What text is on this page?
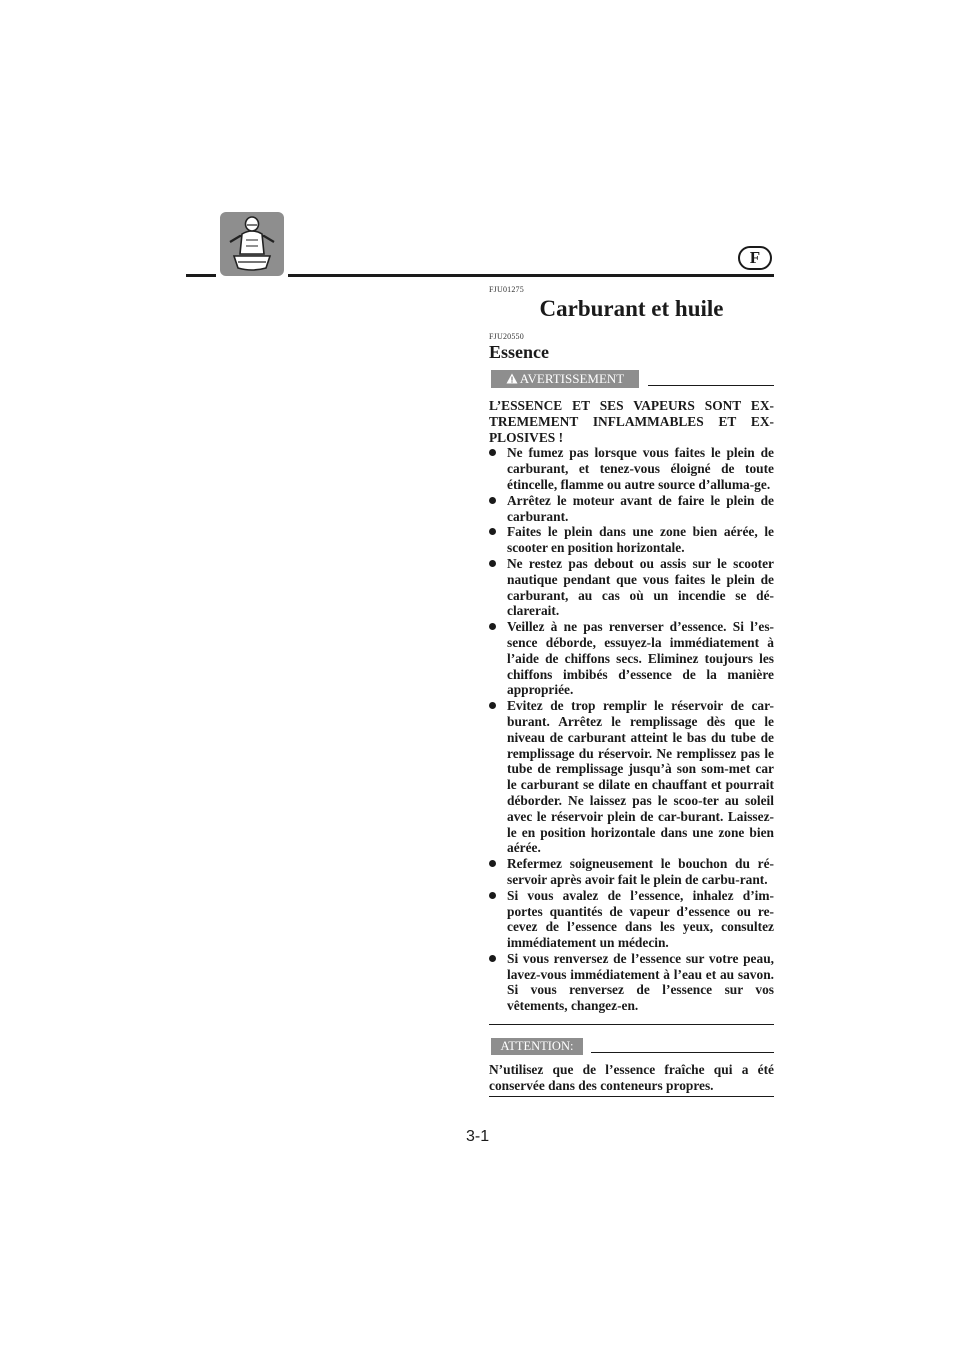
F
FJU01275
Carburant et huile
FJU20550
Essence
AVERTISSEMENT

L’ESSENCE ET SES VAPEURS SONT EX-TREMEMENT INFLAMMABLES ET EX-PLOSIVES !

Ne fumez pas lorsque vous faites le plein de carburant, et tenez-vous éloigné de toute étincelle, flamme ou autre source d’alluma-ge.
Arrêtez le moteur avant de faire le plein de carburant.
Faites le plein dans une zone bien aérée, le scooter en position horizontale.
Ne restez pas debout ou assis sur le scooter nautique pendant que vous faites le plein de carburant, au cas où un incendie se dé-clarerait.
Veillez à ne pas renverser d’essence. Si l’es-sence déborde, essuyez-la immédiatement à l’aide de chiffons secs. Eliminez toujours les chiffons imbibés d’essence de la manière appropriée.
Evitez de trop remplir le réservoir de car-burant. Arrêtez le remplissage dès que le niveau de carburant atteint le bas du tube de remplissage du réservoir. Ne remplissez pas le tube de remplissage jusqu’à son som-met car le carburant se dilate en chauffant et pourrait déborder. Ne laissez pas le scoo-ter au soleil avec le réservoir plein de car-burant. Laissez-le en position horizontale dans une zone bien aérée.
Refermez soigneusement le bouchon du ré-servoir après avoir fait le plein de carbu-rant.
Si vous avalez de l’essence, inhalez d’im-portes quantités de vapeur d’essence ou re-cevez de l’essence dans les yeux, consultez immédiatement un médecin.
Si vous renversez de l’essence sur votre peau, lavez-vous immédiatement à l’eau et au savon. Si vous renversez de l’essence sur vos vêtements, changez-en.
ATTENTION:

N’utilisez que de l’essence fraîche qui a été conservée dans des conteneurs propres.

3-1
